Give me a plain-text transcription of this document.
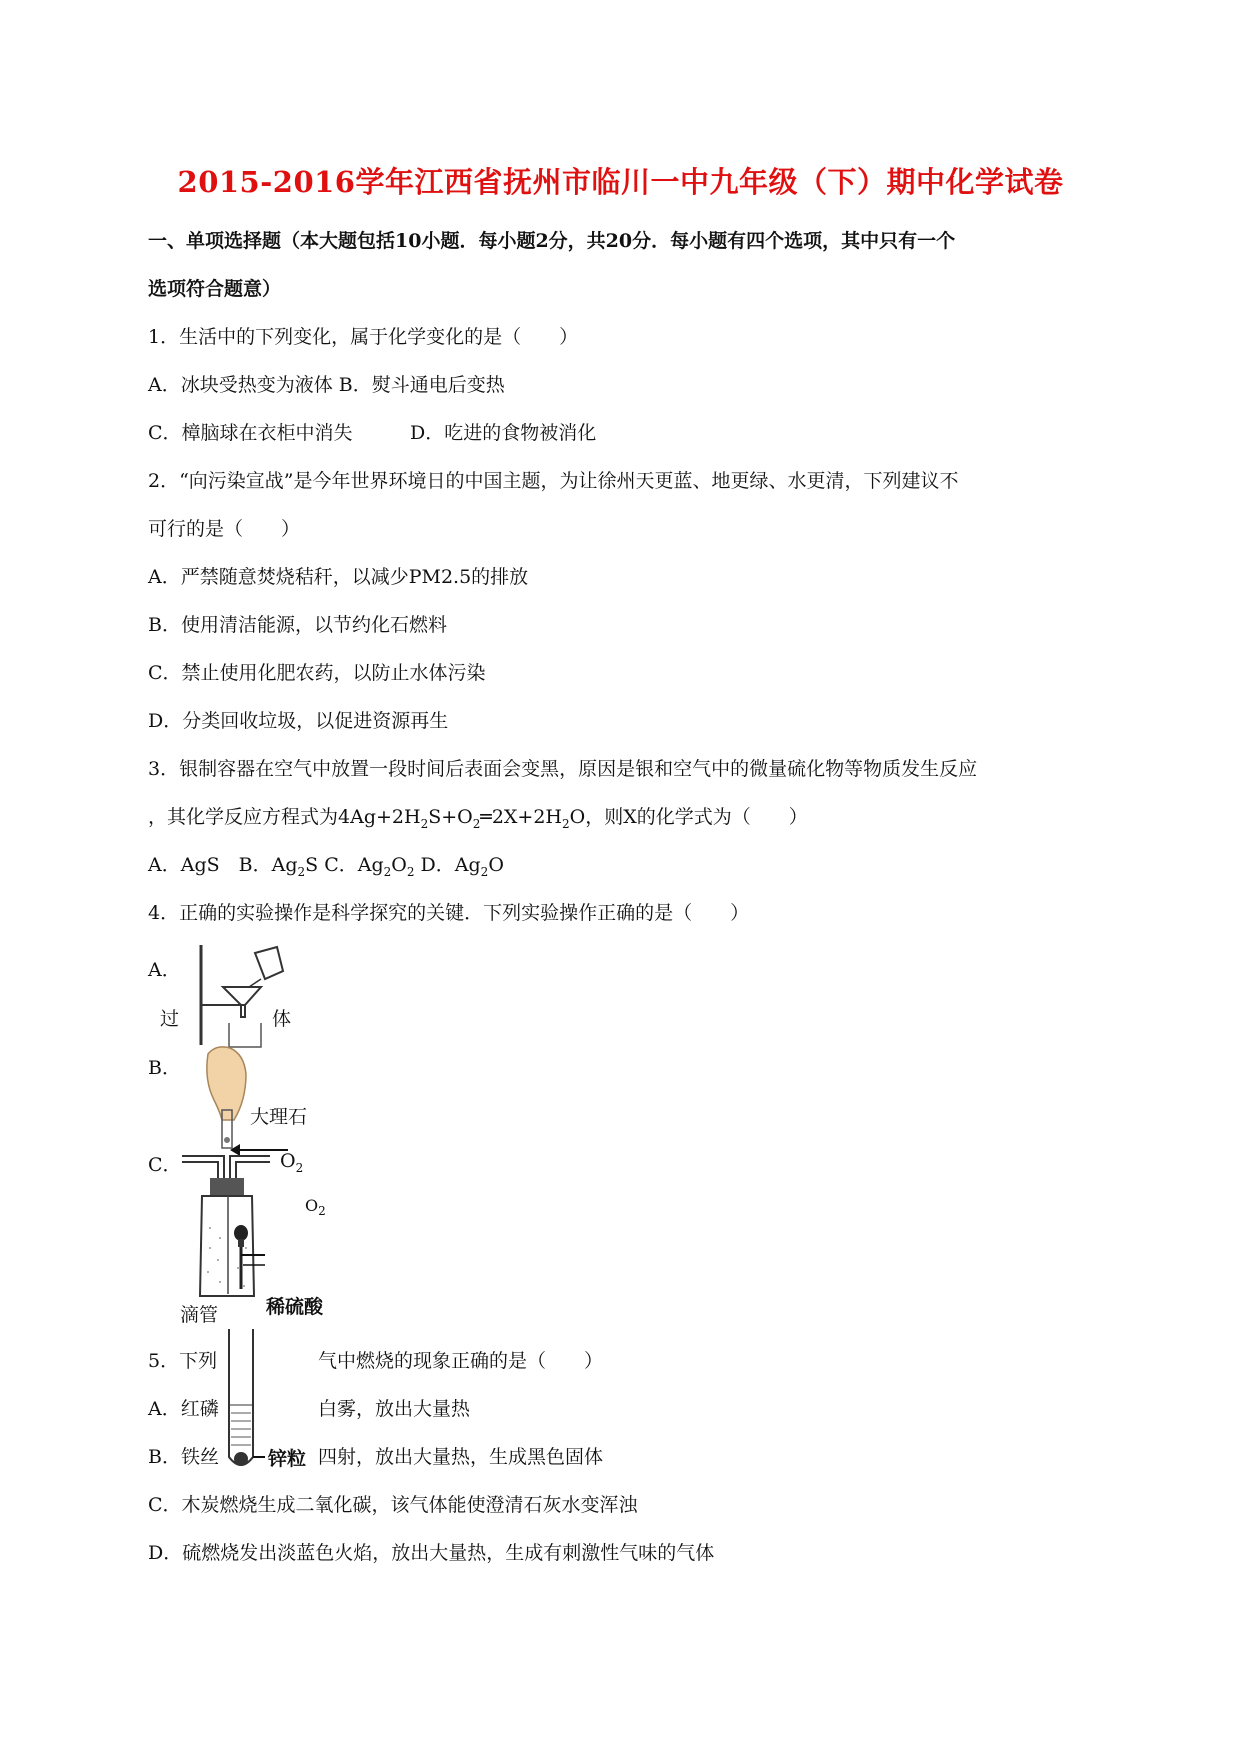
2015-2016学年江西省抚州市临川一中九年级（下）期中化学试卷
一、单项选择题（本大题包括10小题．每小题2分，共20分．每小题有四个选项，其中只有一个
选项符合题意）
1．生活中的下列变化，属于化学变化的是（　　）
A．冰块受热变为液体 B．熨斗通电后变热
C．樟脑球在衣柜中消失	D．吃进的食物被消化
2．“向污染宣战”是今年世界环境日的中国主题，为让徐州天更蓝、地更绿、水更清，下列建议不
可行的是（　　）
A．严禁随意焚烧秸秆，以减少PM2.5的排放
B．使用清洁能源，以节约化石燃料
C．禁止使用化肥农药，以防止水体污染
D．分类回收垃圾，以促进资源再生
3．银制容器在空气中放置一段时间后表面会变黑，原因是银和空气中的微量硫化物等物质发生反应
，其化学反应方程式为$4Ag+2H_2S+O_2═2X+2H_2O$，则X的化学式为（　　）
A．AgS　 B．$Ag_2S$ C．$Ag_2O_2$ D．$Ag_2O$
4．正确的实验操作是科学探究的关键．下列实验操作正确的是（　　）
A．
过	体
B．
大理石
C．	$O_2$
$O_2$
滴管	稀硫酸
锌粒
5．下列	气中燃烧的现象正确的是（　　）
A．红磷	白雾，放出大量热
B．铁丝	四射，放出大量热，生成黑色固体
C．木炭燃烧生成二氧化碳，该气体能使澄清石灰水变浑浊
D．硫燃烧发出淡蓝色火焰，放出大量热，生成有刺激性气味的气体
